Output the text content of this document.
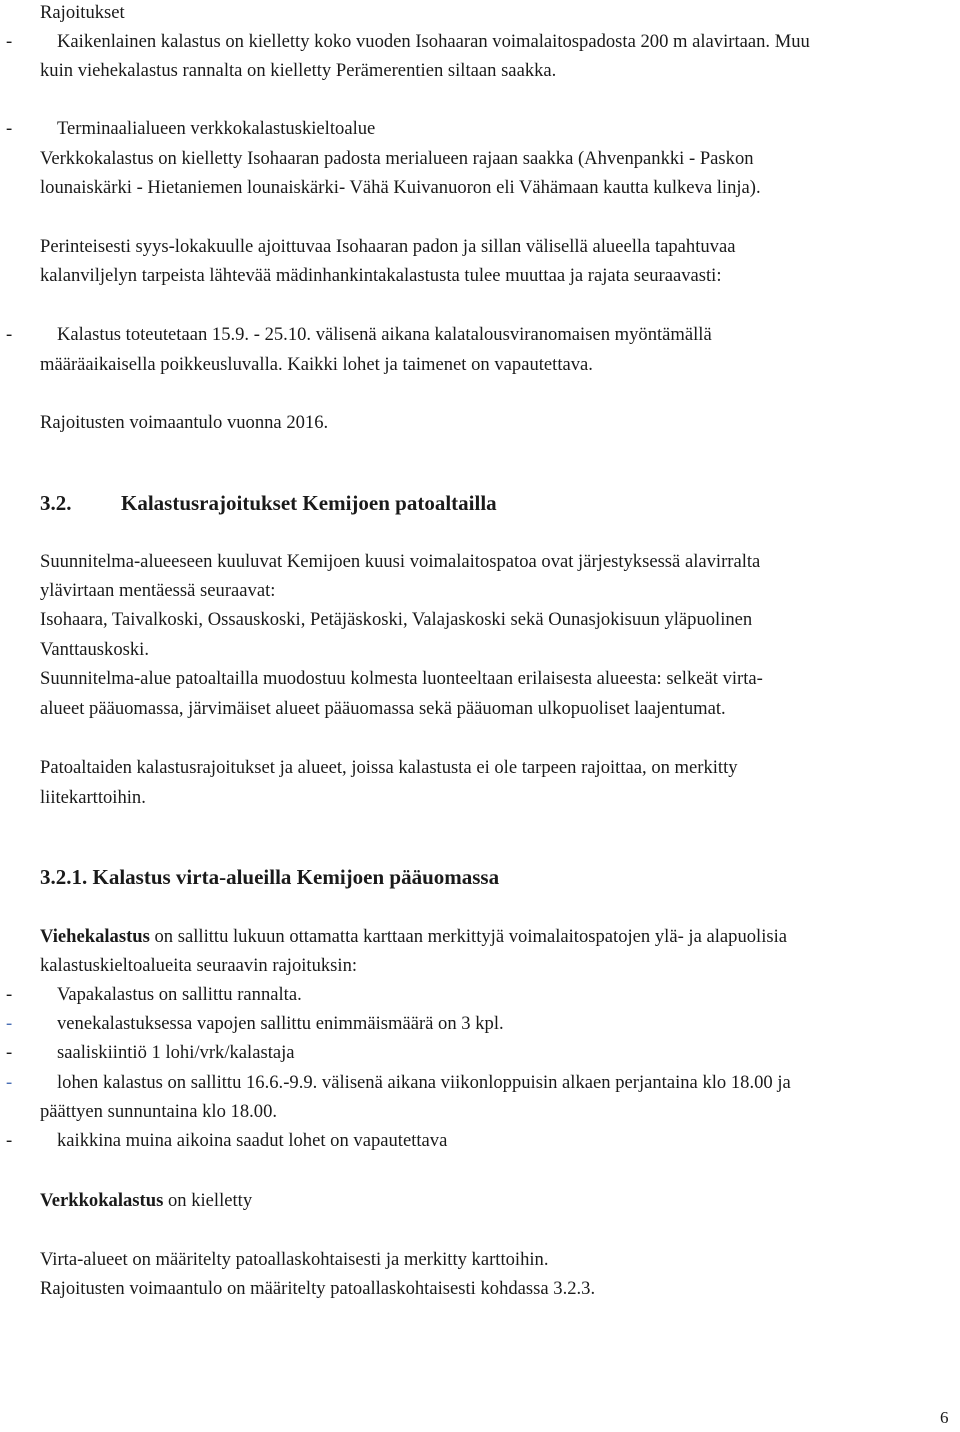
Rajoitukset
- Kaikenlainen kalastus on kielletty koko vuoden Isohaaran voimalaitospadosta 200 m alavirtaan. Muu
kuin viehekalastus rannalta on kielletty Perämerentien siltaan saakka.
- Terminaalialueen verkkokalastuskieltoalue
Verkkokalastus on kielletty Isohaaran padosta merialueen rajaan saakka (Ahvenpankki - Paskon
lounaiskärki - Hietaniemen lounaiskärki- Vähä Kuivanuoron eli Vähämaan kautta kulkeva linja).
Perinteisesti syys-lokakuulle ajoittuvaa Isohaaran padon ja sillan välisellä alueella tapahtuvaa
kalanviljelyn tarpeista lähtevää mädinhankintakalastusta tulee muuttaa ja rajata seuraavasti:
- Kalastus toteutetaan 15.9. - 25.10. välisenä aikana kalatalousviranomaisen myöntämällä
määräaikaisella poikkeusluvalla. Kaikki lohet ja taimenet on vapautettava.
Rajoitusten voimaantulo vuonna 2016.
3.2. Kalastusrajoitukset Kemijoen patoaltailla
Suunnitelma-alueeseen kuuluvat Kemijoen kuusi voimalaitospatoa ovat järjestyksessä alavirralta
ylävirtaan mentäessä seuraavat:
Isohaara, Taivalkoski, Ossauskoski, Petäjäskoski, Valajaskoski sekä Ounasjokisuun yläpuolinen
Vanttauskoski.
Suunnitelma-alue patoaltailla muodostuu kolmesta luonteeltaan erilaisesta alueesta: selkeät virta-
alueet pääuomassa, järvimäiset alueet pääuomassa sekä pääuoman ulkopuoliset laajentumat.
Patoaltaiden kalastusrajoitukset ja alueet, joissa kalastusta ei ole tarpeen rajoittaa, on merkitty
liitekarttoihin.
3.2.1. Kalastus virta-alueilla Kemijoen pääuomassa
Viehekalastus on sallittu lukuun ottamatta karttaan merkittyjä voimalaitospatojen ylä- ja alapuolisia
kalastuskieltoalueita seuraavin rajoituksin:
- Vapakalastus on sallittu rannalta.
- venekalastuksessa vapojen sallittu enimmäismäärä on 3 kpl.
- saaliskiintiö 1 lohi/vrk/kalastaja
- lohen kalastus on sallittu 16.6.-9.9. välisenä aikana viikonloppuisin alkaen perjantaina klo 18.00 ja
päättyen sunnuntaina klo 18.00.
- kaikkina muina aikoina saadut lohet on vapautettava
Verkkokalastus on kielletty
Virta-alueet on määritelty patoallaskohtaisesti ja merkitty karttoihin.
Rajoitusten voimaantulo on määritelty patoallaskohtaisesti kohdassa 3.2.3.
6
